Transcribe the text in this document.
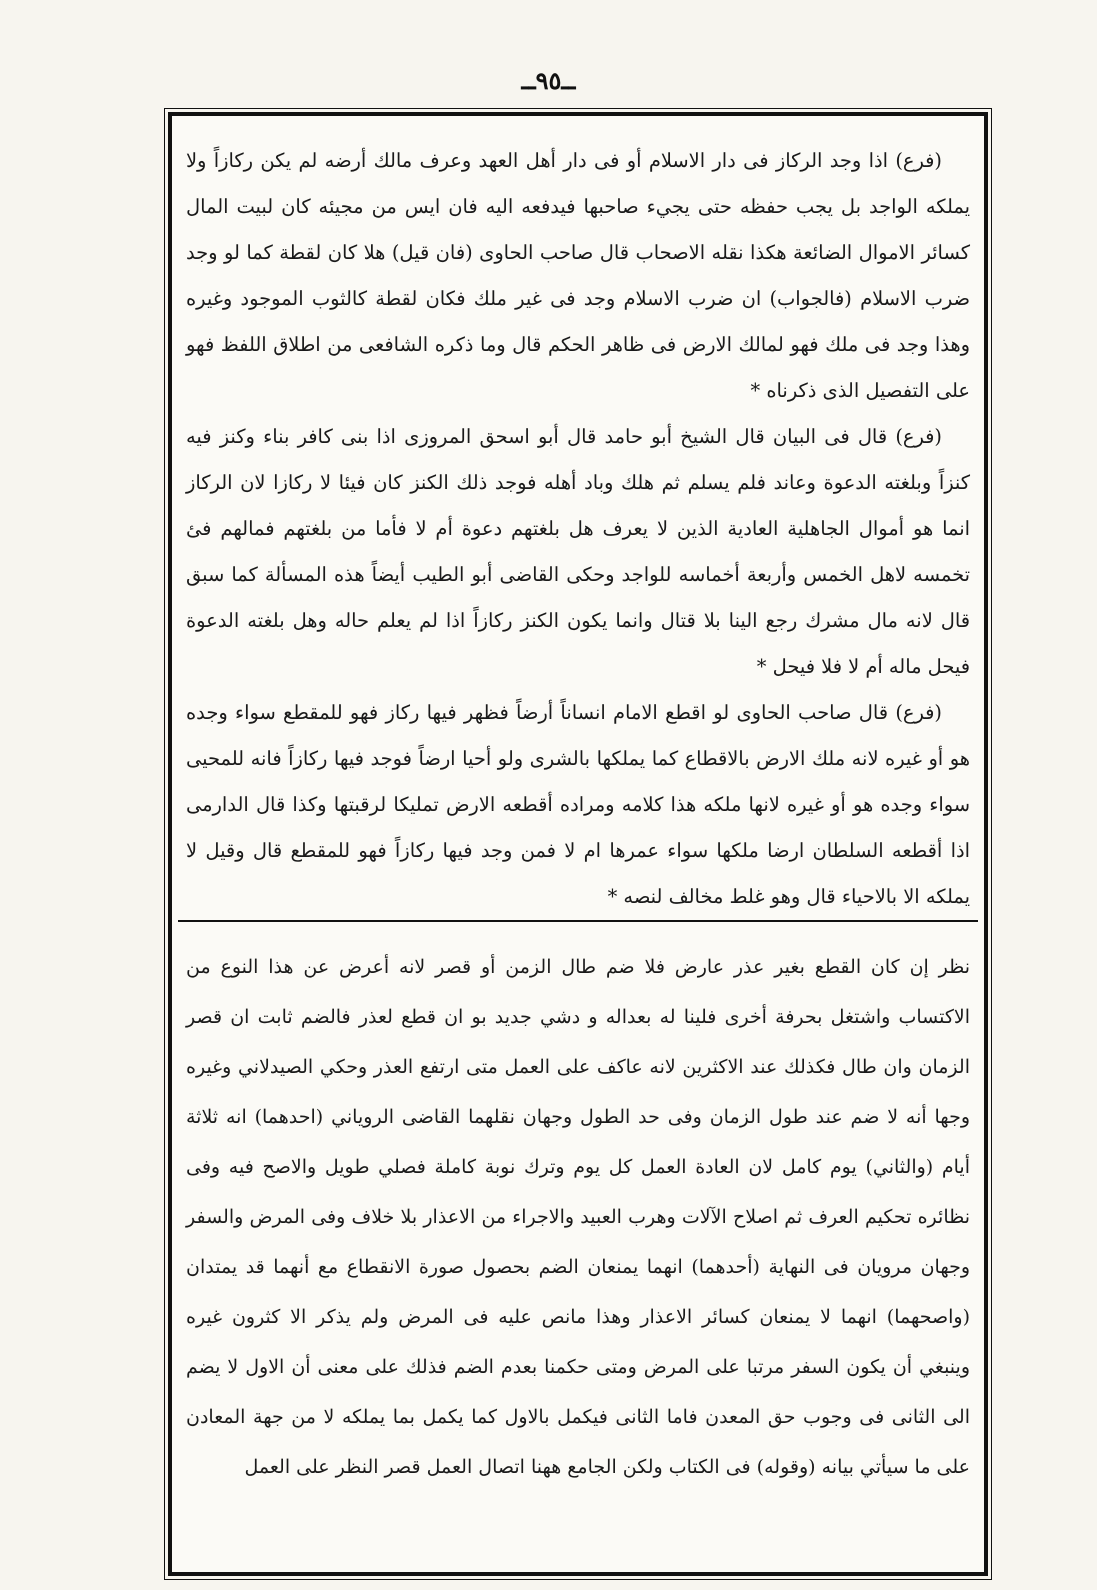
ــ٩٥ــ

(فرع) اذا وجد الركاز فى دار الاسلام أو فى دار أهل العهد وعرف مالك أرضه لم يكن ركازاً ولا يملكه الواجد بل يجب حفظه حتى يجيء صاحبها فيدفعه اليه فان ايس من مجيئه كان لبيت المال كسائر الاموال الضائعة هكذا نقله الاصحاب قال صاحب الحاوى (فان قيل) هلا كان لقطة كما لو وجد ضرب الاسلام (فالجواب) ان ضرب الاسلام وجد فى غير ملك فكان لقطة كالثوب الموجود وغيره وهذا وجد فى ملك فهو لمالك الارض فى ظاهر الحكم قال وما ذكره الشافعى من اطلاق اللفظ فهو على التفصيل الذى ذكرناه *

(فرع) قال فى البيان قال الشيخ أبو حامد قال أبو اسحق المروزى اذا بنى كافر بناء وكنز فيه كنزاً وبلغته الدعوة وعاند فلم يسلم ثم هلك وباد أهله فوجد ذلك الكنز كان فيئا لا ركازا لان الركاز انما هو أموال الجاهلية العادية الذين لا يعرف هل بلغتهم دعوة أم لا فأما من بلغتهم فمالهم فئ تخمسه لاهل الخمس وأربعة أخماسه للواجد وحكى القاضى أبو الطيب أيضاً هذه المسألة كما سبق قال لانه مال مشرك رجع الينا بلا قتال وانما يكون الكنز ركازاً اذا لم يعلم حاله وهل بلغته الدعوة فيحل ماله أم لا فلا فيحل *

(فرع) قال صاحب الحاوى لو اقطع الامام انساناً أرضاً فظهر فيها ركاز فهو للمقطع سواء وجده هو أو غيره لانه ملك الارض بالاقطاع كما يملكها بالشرى ولو أحيا ارضاً فوجد فيها ركازاً فانه للمحيى سواء وجده هو أو غيره لانها ملكه هذا كلامه ومراده أقطعه الارض تمليكا لرقبتها وكذا قال الدارمى اذا أقطعه السلطان ارضا ملكها سواء عمرها ام لا فمن وجد فيها ركازاً فهو للمقطع قال وقيل لا يملكه الا بالاحياء قال وهو غلط مخالف لنصه *

نظر إن كان القطع بغير عذر عارض فلا ضم طال الزمن أو قصر لانه أعرض عن هذا النوع من الاكتساب واشتغل بحرفة أخرى فلينا له بعداله و دشي جديد بو ان قطع لعذر فالضم ثابت ان قصر الزمان وان طال فكذلك عند الاكثرين لانه عاكف على العمل متى ارتفع العذر وحكي الصيدلاني وغيره وجها أنه لا ضم عند طول الزمان وفى حد الطول وجهان نقلهما القاضى الروياني (احدهما) انه ثلاثة أيام (والثاني) يوم كامل لان العادة العمل كل يوم وترك نوبة كاملة فصلي طويل والاصح فيه وفى نظائره تحكيم العرف ثم اصلاح الآلات وهرب العبيد والاجراء من الاعذار بلا خلاف وفى المرض والسفر وجهان مرويان فى النهاية (أحدهما) انهما يمنعان الضم بحصول صورة الانقطاع مع أنهما قد يمتدان (واصحهما) انهما لا يمنعان كسائر الاعذار وهذا مانص عليه فى المرض ولم يذكر الا كثرون غيره وينبغي أن يكون السفر مرتبا على المرض ومتى حكمنا بعدم الضم فذلك على معنى أن الاول لا يضم الى الثانى فى وجوب حق المعدن فاما الثانى فيكمل بالاول كما يكمل بما يملكه لا من جهة المعادن على ما سيأتي بيانه (وقوله) فى الكتاب ولكن الجامع ههنا اتصال العمل قصر النظر على العمل
